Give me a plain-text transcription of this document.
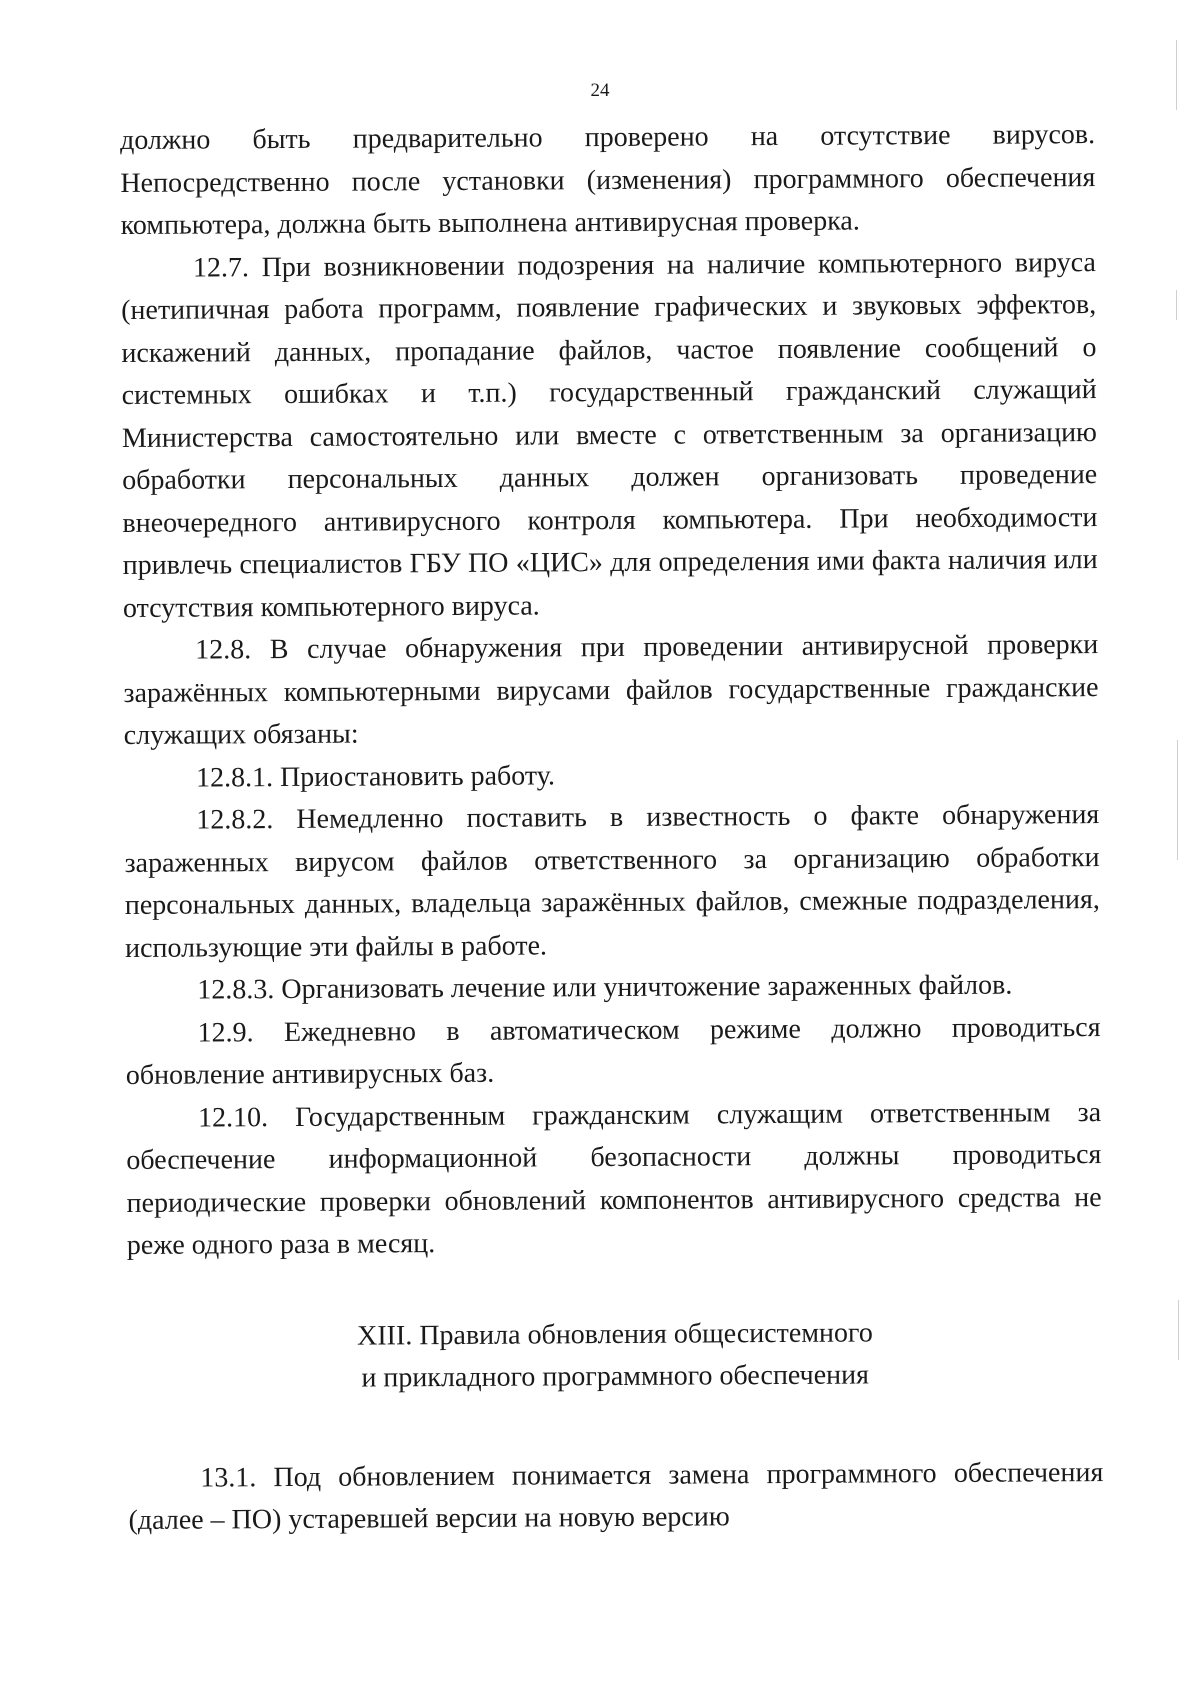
24

должно быть предварительно проверено на отсутствие вирусов. Непосредственно после установки (изменения) программного обеспечения компьютера, должна быть выполнена антивирусная проверка.

12.7. При возникновении подозрения на наличие компьютерного вируса (нетипичная работа программ, появление графических и звуковых эффектов, искажений данных, пропадание файлов, частое появление сообщений о системных ошибках и т.п.) государственный гражданский служащий Министерства самостоятельно или вместе с ответственным за организацию обработки персональных данных должен организовать проведение внеочередного антивирусного контроля компьютера. При необходимости привлечь специалистов ГБУ ПО «ЦИС» для определения ими факта наличия или отсутствия компьютерного вируса.

12.8. В случае обнаружения при проведении антивирусной проверки заражённых компьютерными вирусами файлов государственные гражданские служащих обязаны:

12.8.1. Приостановить работу.

12.8.2. Немедленно поставить в известность о факте обнаружения зараженных вирусом файлов ответственного за организацию обработки персональных данных, владельца заражённых файлов, смежные подразделения, использующие эти файлы в работе.

12.8.3. Организовать лечение или уничтожение зараженных файлов.

12.9. Ежедневно в автоматическом режиме должно проводиться обновление антивирусных баз.

12.10. Государственным гражданским служащим ответственным за обеспечение информационной безопасности должны проводиться периодические проверки обновлений компонентов антивирусного средства не реже одного раза в месяц.

XIII. Правила обновления общесистемного
и прикладного программного обеспечения

13.1. Под обновлением понимается замена программного обеспечения (далее – ПО) устаревшей версии на новую версию
